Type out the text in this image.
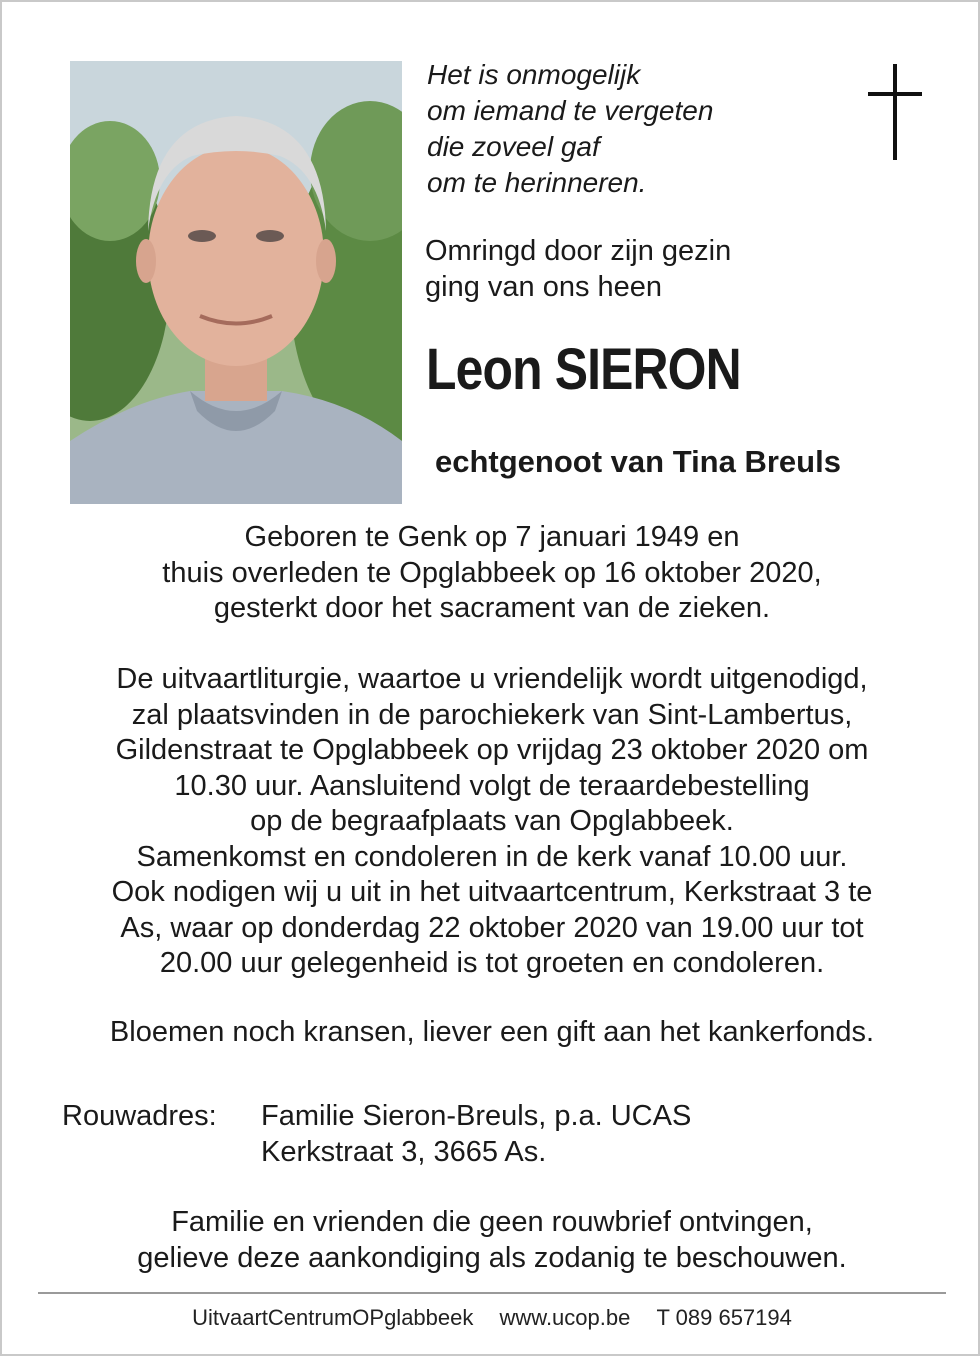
Het is onmogelijk
om iemand te vergeten
die zoveel gaf
om te herinneren.
Omringd door zijn gezin
ging van ons heen
Leon SIERON
echtgenoot van Tina Breuls
Geboren te Genk op 7 januari 1949 en
thuis overleden te Opglabbeek op 16 oktober 2020,
gesterkt door het sacrament van de zieken.
De uitvaartliturgie, waartoe u vriendelijk wordt uitgenodigd,
zal plaatsvinden in de parochiekerk van Sint-Lambertus,
Gildenstraat te Opglabbeek op vrijdag 23 oktober 2020 om
10.30 uur. Aansluitend volgt de teraardebestelling
op de begraafplaats van Opglabbeek.
Samenkomst en condoleren in de kerk vanaf 10.00 uur.
Ook nodigen wij u uit in het uitvaartcentrum, Kerkstraat 3 te
As, waar op donderdag 22 oktober 2020 van 19.00 uur tot
20.00 uur gelegenheid is tot groeten en condoleren.
Bloemen noch kransen, liever een gift aan het kankerfonds.
Rouwadres: Familie Sieron-Breuls, p.a. UCAS
Kerkstraat 3, 3665 As.
Familie en vrienden die geen rouwbrief ontvingen,
gelieve deze aankondiging als zodanig te beschouwen.
UitvaartCentrumOPglabbeek www.ucop.be T 089 657194
